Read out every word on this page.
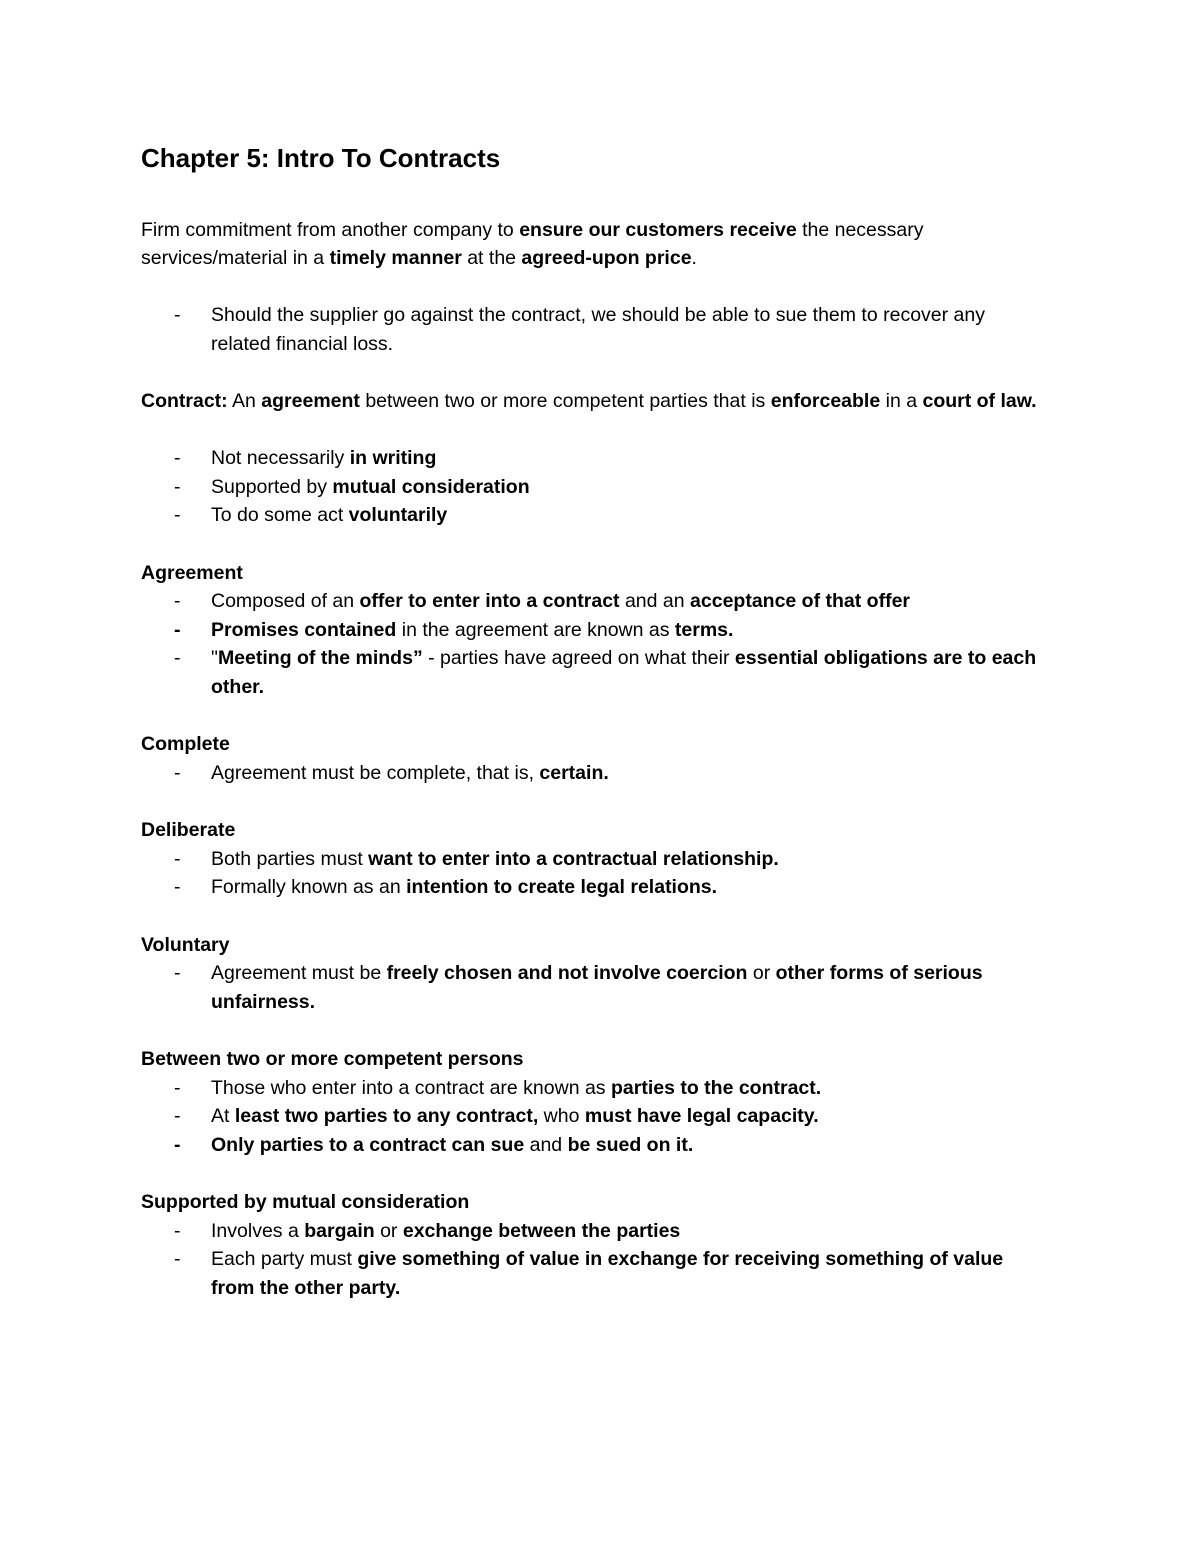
Chapter 5: Intro To Contracts

Firm commitment from another company to ensure our customers receive the necessary services/material in a timely manner at the agreed-upon price.

- Should the supplier go against the contract, we should be able to sue them to recover any related financial loss.

Contract: An agreement between two or more competent parties that is enforceable in a court of law.

- Not necessarily in writing
- Supported by mutual consideration
- To do some act voluntarily
Agreement
- Composed of an offer to enter into a contract and an acceptance of that offer
- Promises contained in the agreement are known as terms.
- "Meeting of the minds” - parties have agreed on what their essential obligations are to each other.
Complete
- Agreement must be complete, that is, certain.
Deliberate
- Both parties must want to enter into a contractual relationship.
- Formally known as an intention to create legal relations.
Voluntary
- Agreement must be freely chosen and not involve coercion or other forms of serious unfairness.
Between two or more competent persons
- Those who enter into a contract are known as parties to the contract.
- At least two parties to any contract, who must have legal capacity.
- Only parties to a contract can sue and be sued on it.
Supported by mutual consideration
- Involves a bargain or exchange between the parties
- Each party must give something of value in exchange for receiving something of value from the other party.
